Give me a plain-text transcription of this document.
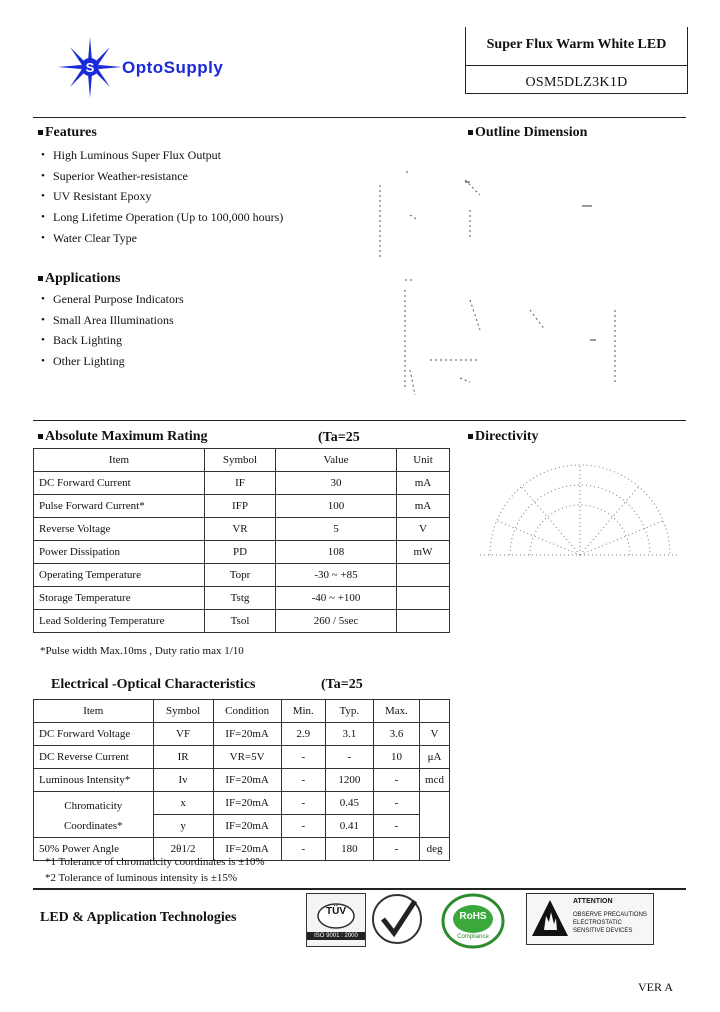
S OptoSupply
Super Flux Warm White LED
OSM5DLZ3K1D
Features
• High Luminous Super Flux Output
• Superior Weather-resistance
• UV Resistant Epoxy
• Long Lifetime Operation (Up to 100,000 hours)
• Water Clear Type
Applications
• General Purpose Indicators
• Small Area Illuminations
• Back Lighting
• Other Lighting
Outline Dimension
Absolute Maximum Rating	(Ta=25
Item	Symbol	Value	Unit
DC Forward Current	IF	30	mA
Pulse Forward Current*	IFP	100	mA
Reverse Voltage	VR	5	V
Power Dissipation	PD	108	mW
Operating Temperature	Topr	-30 ~ +85	
Storage Temperature	Tstg	-40 ~ +100	
Lead Soldering Temperature	Tsol	260 / 5sec	
*Pulse width Max.10ms , Duty ratio max 1/10
Directivity
Electrical -Optical Characteristics	(Ta=25
Item	Symbol	Condition	Min.	Typ.	Max.	
DC Forward Voltage	VF	IF=20mA	2.9	3.1	3.6	V
DC Reverse Current	IR	VR=5V	-	-	10	μA
Luminous Intensity*	Iv	IF=20mA	-	1200	-	mcd
Chromaticity
Coordinates*	x	IF=20mA	-	0.45	-	
	y	IF=20mA	-	0.41	-	
50% Power Angle	2θ1/2	IF=20mA	-	180	-	deg
*1 Tolerance of chromaticity coordinates is ±10%
*2 Tolerance of luminous intensity is ±15%
LED & Application Technologies	TÜV
ISO 9001 : 2000
RoHS
Compliance
ATTENTION
OBSERVE PRECAUTIONS
ELECTROSTATIC
SENSITIVE DEVICES
VER A
